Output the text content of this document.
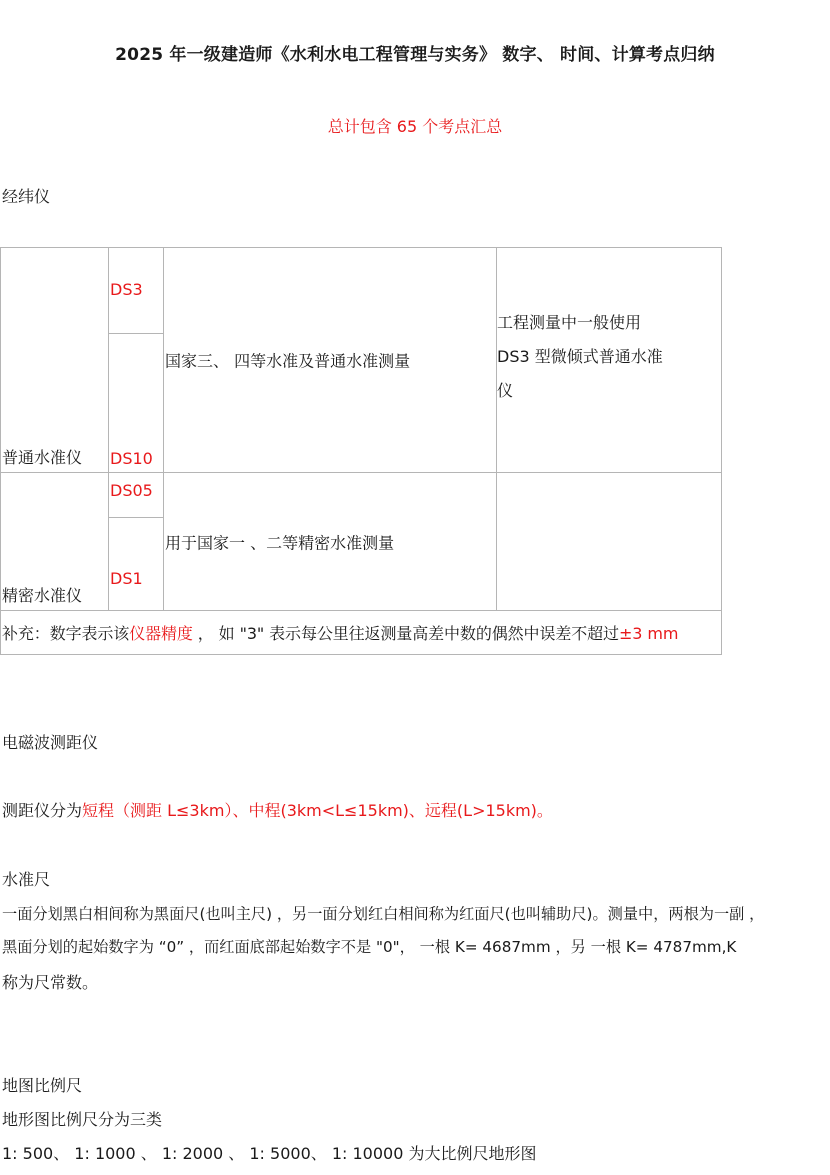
2025 年一级建造师《水利水电工程管理与实务》 数字、 时间、计算考点归纳
总计包含 65 个考点汇总
经纬仪
普通水准仪	DS3	国家三、 四等水准及普通水准测量	工程测量中一般使用
DS3 型微倾式普通水准
仪

	DS10		

精密水准仪	DS05	用于国家一 、二等精密水准测量	

	DS1		

补充：数字表示该仪器精度 ， 如 "3" 表示每公里往返测量高差中数的偶然中误差不超过±3 mm			
电磁波测距仪
测距仪分为短程（测距 L≤3km）、中程(3km<L≤15km)、远程(L>15km)。
水准尺
一面分划黑白相间称为黑面尺(也叫主尺) ，另一面分划红白相间称为红面尺(也叫辅助尺)。测量中，两根为一副 ，
黑面分划的起始数字为 “0” ，而红面底部起始数字不是 "0"， 一根 K= 4687mm ，另 一根 K= 4787mm,K
称为尺常数。
地图比例尺
地形图比例尺分为三类
1: 500、 1: 1000 、 1: 2000 、 1: 5000、 1: 10000 为大比例尺地形图
